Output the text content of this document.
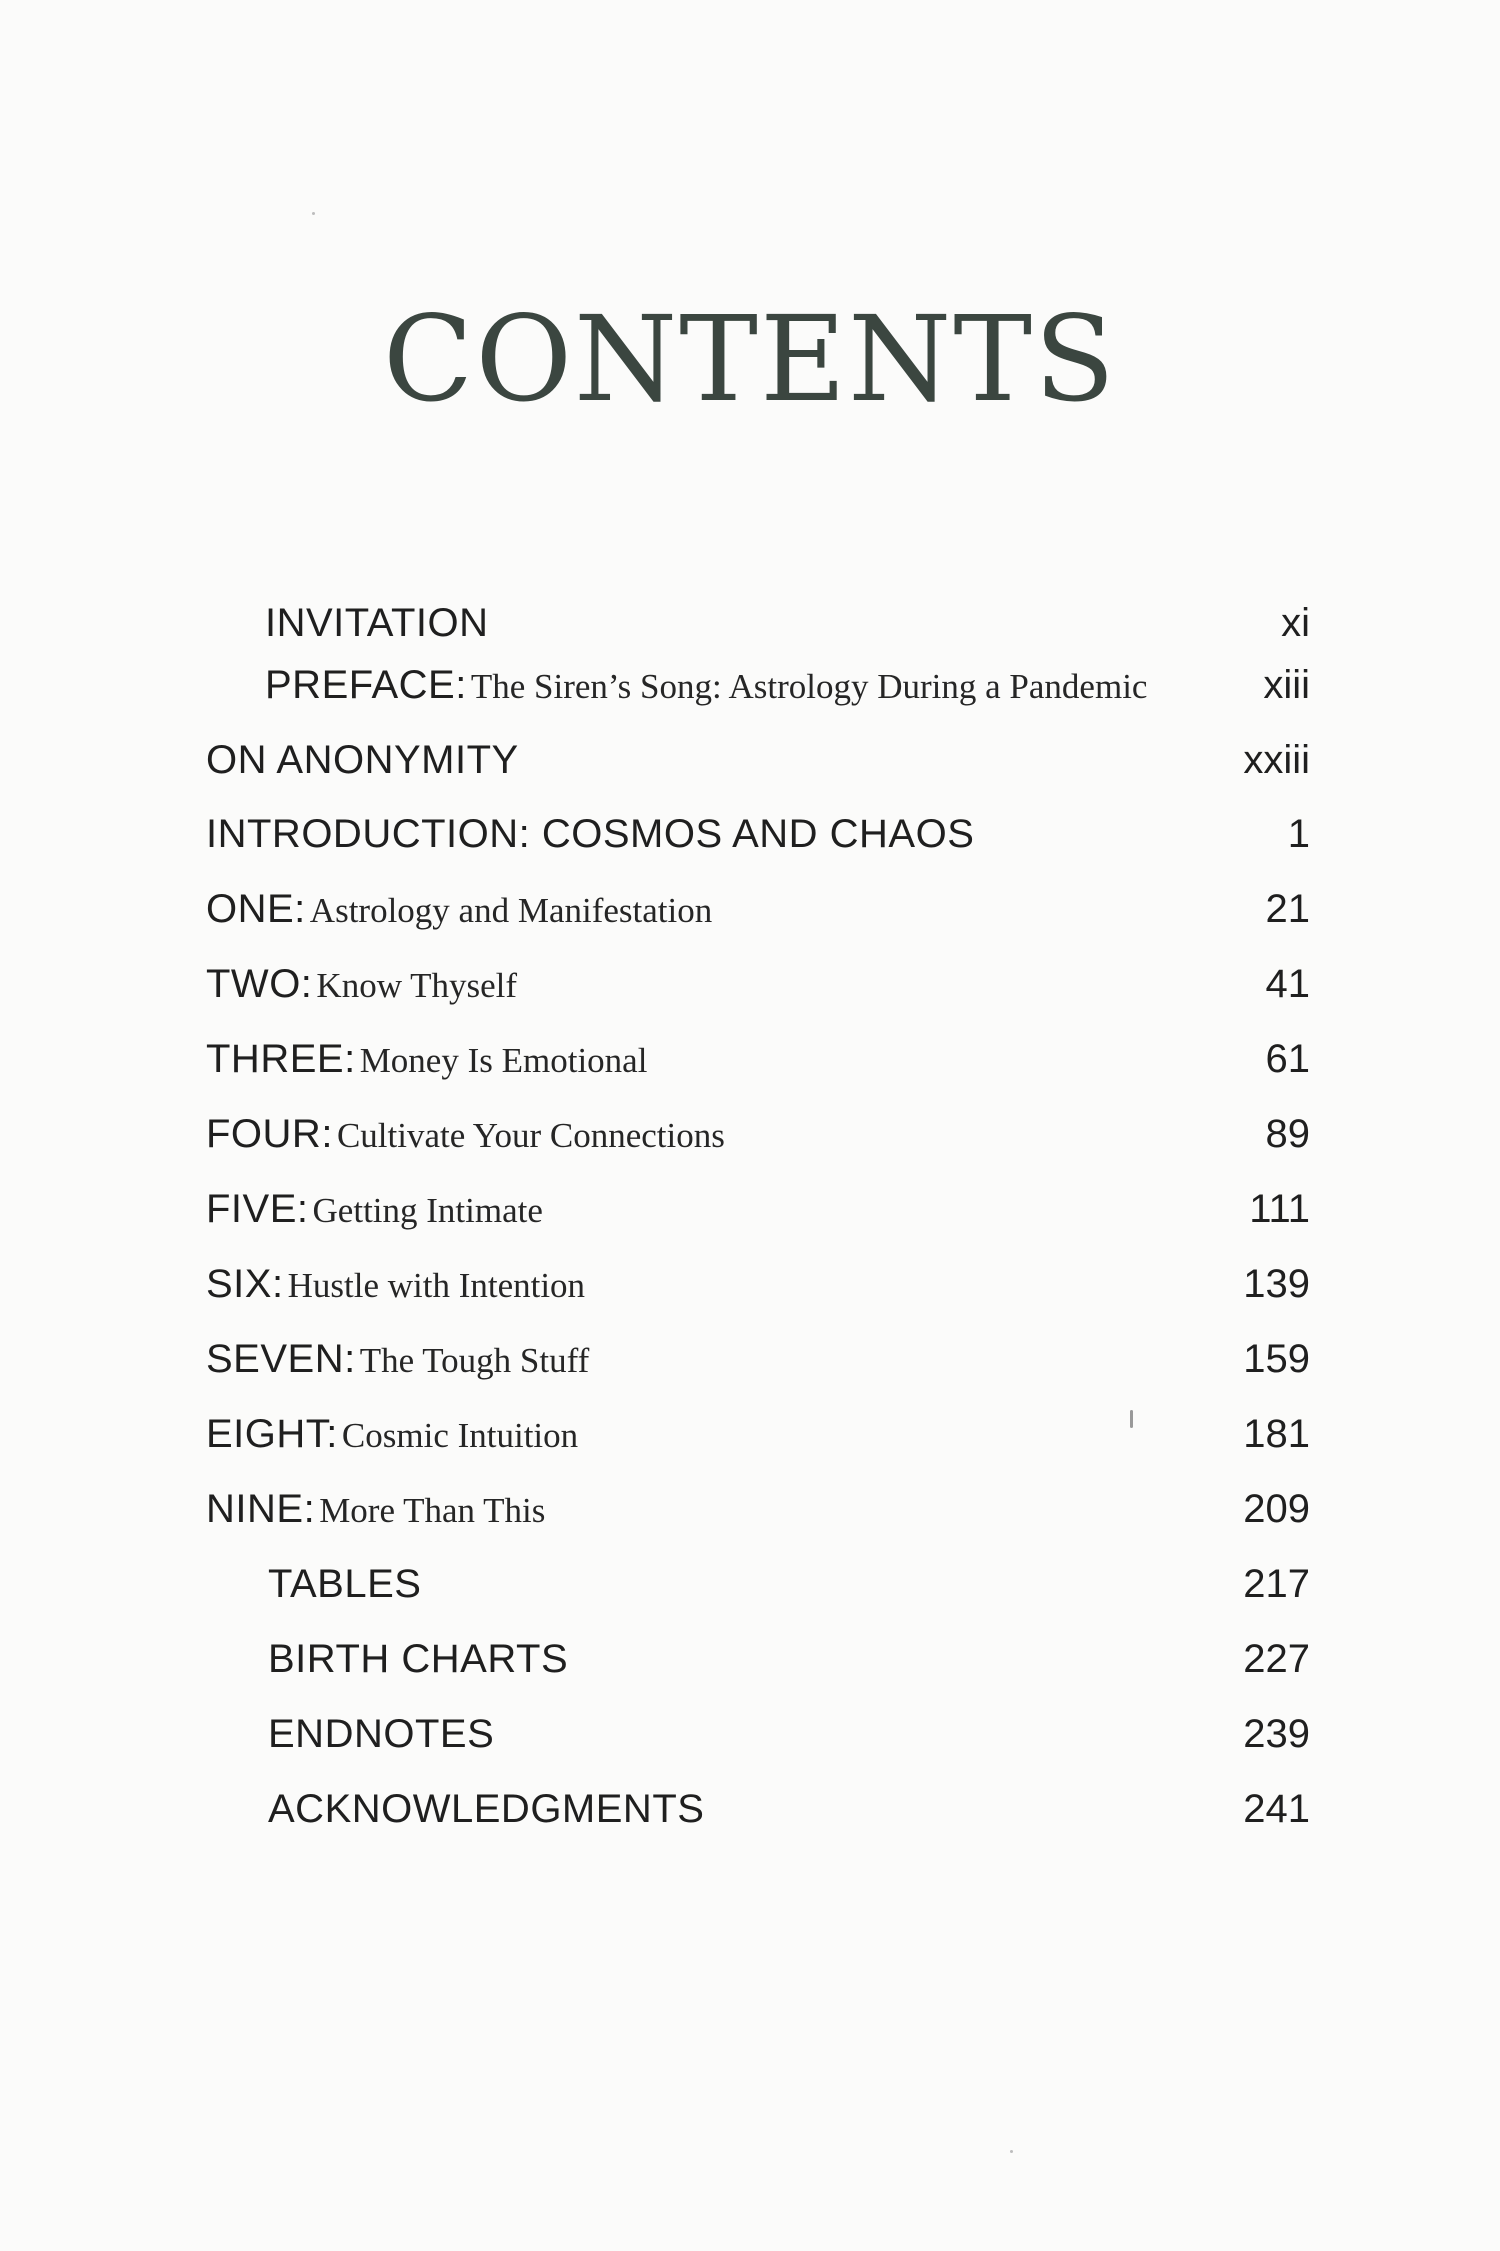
CONTENTS
INVITATION	xi
PREFACE: The Siren’s Song: Astrology During a Pandemic	xiii
ON ANONYMITY	xxiii
INTRODUCTION: COSMOS AND CHAOS	1
ONE: Astrology and Manifestation	21
TWO: Know Thyself	41
THREE: Money Is Emotional	61
FOUR: Cultivate Your Connections	89
FIVE: Getting Intimate	111
SIX: Hustle with Intention	139
SEVEN: The Tough Stuff	159
EIGHT: Cosmic Intuition	181
NINE: More Than This	209
TABLES	217
BIRTH CHARTS	227
ENDNOTES	239
ACKNOWLEDGMENTS	241
